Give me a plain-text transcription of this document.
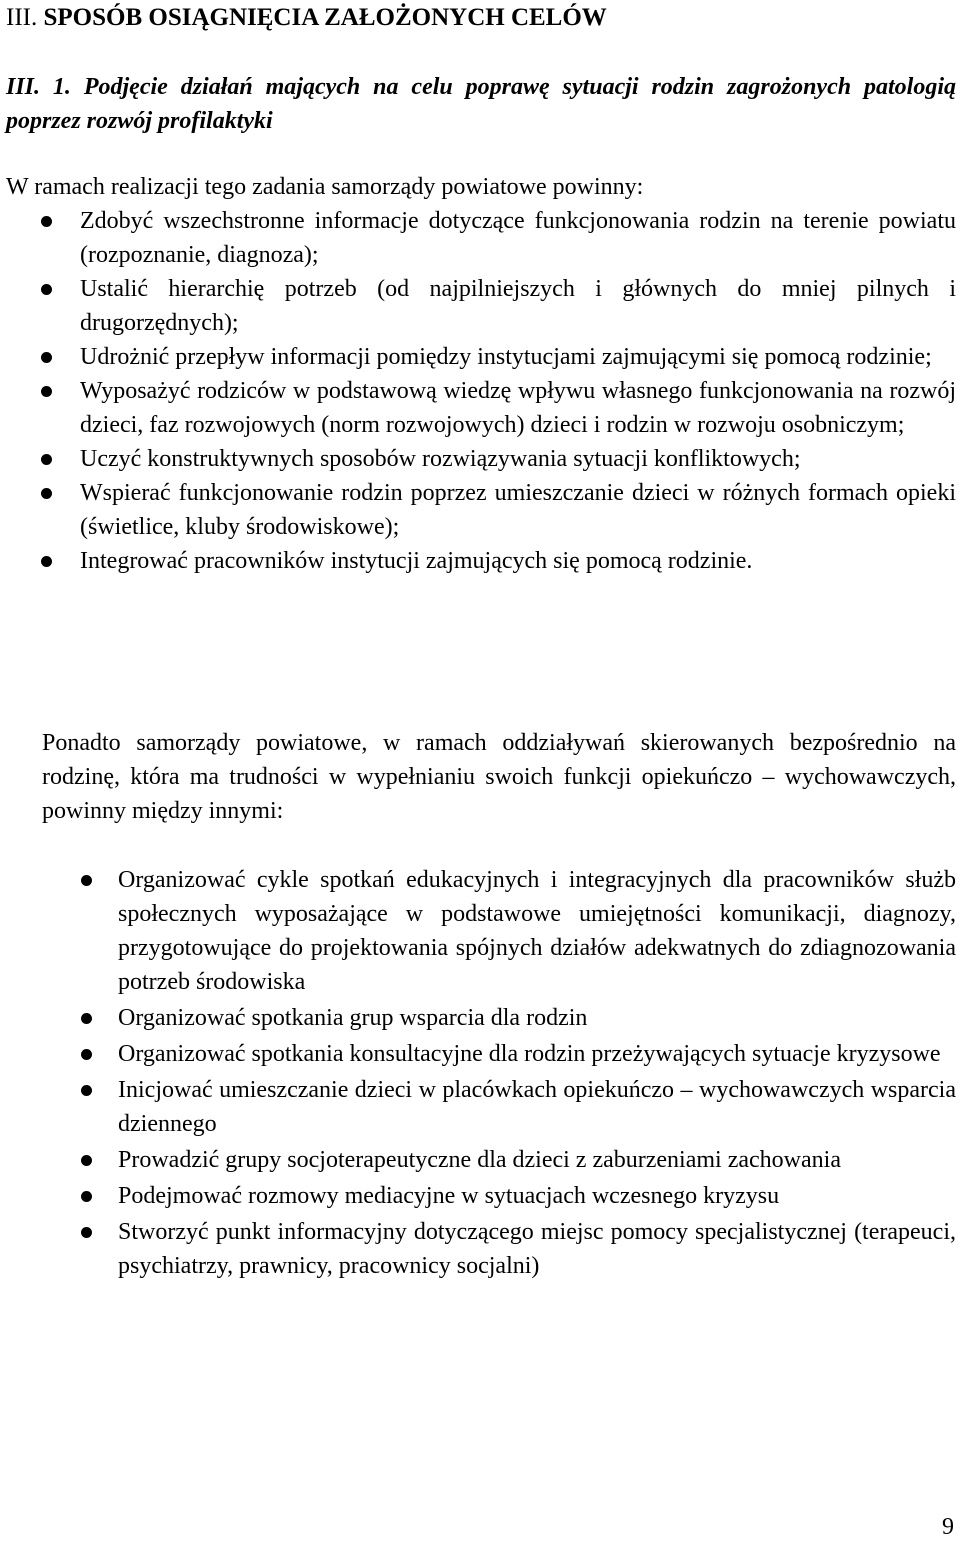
III. SPOSÓB OSIĄGNIĘCIA ZAŁOŻONYCH CELÓW
III. 1. Podjęcie działań mających na celu poprawę sytuacji rodzin zagrożonych patologią poprzez rozwój profilaktyki

W ramach realizacji tego zadania samorządy powiatowe powinny:

Zdobyć wszechstronne informacje dotyczące funkcjonowania rodzin na terenie powiatu (rozpoznanie, diagnoza);
Ustalić hierarchię potrzeb (od najpilniejszych i głównych do mniej pilnych i drugorzędnych);
Udrożnić przepływ informacji pomiędzy instytucjami zajmującymi się pomocą rodzinie;
Wyposażyć rodziców w podstawową wiedzę wpływu własnego funkcjonowania na rozwój dzieci, faz rozwojowych (norm rozwojowych) dzieci i rodzin w rozwoju osobniczym;
Uczyć konstruktywnych sposobów rozwiązywania sytuacji konfliktowych;
Wspierać funkcjonowanie rodzin poprzez umieszczanie dzieci w różnych formach opieki (świetlice, kluby środowiskowe);
Integrować pracowników instytucji zajmujących się pomocą rodzinie.

Ponadto samorządy powiatowe, w ramach oddziaływań skierowanych bezpośrednio na rodzinę, która ma trudności w wypełnianiu swoich funkcji opiekuńczo – wychowawczych, powinny między innymi:

Organizować cykle spotkań edukacyjnych i integracyjnych dla pracowników służb społecznych wyposażające w podstawowe umiejętności komunikacji, diagnozy, przygotowujące do projektowania spójnych działów adekwatnych do zdiagnozowania potrzeb środowiska
Organizować spotkania grup wsparcia dla rodzin
Organizować spotkania konsultacyjne dla rodzin przeżywających sytuacje kryzysowe
Inicjować umieszczanie dzieci w placówkach opiekuńczo – wychowawczych wsparcia dziennego
Prowadzić grupy socjoterapeutyczne dla dzieci z zaburzeniami zachowania
Podejmować rozmowy mediacyjne w sytuacjach wczesnego kryzysu
Stworzyć punkt informacyjny dotyczącego miejsc pomocy specjalistycznej (terapeuci, psychiatrzy, prawnicy, pracownicy socjalni)
9
